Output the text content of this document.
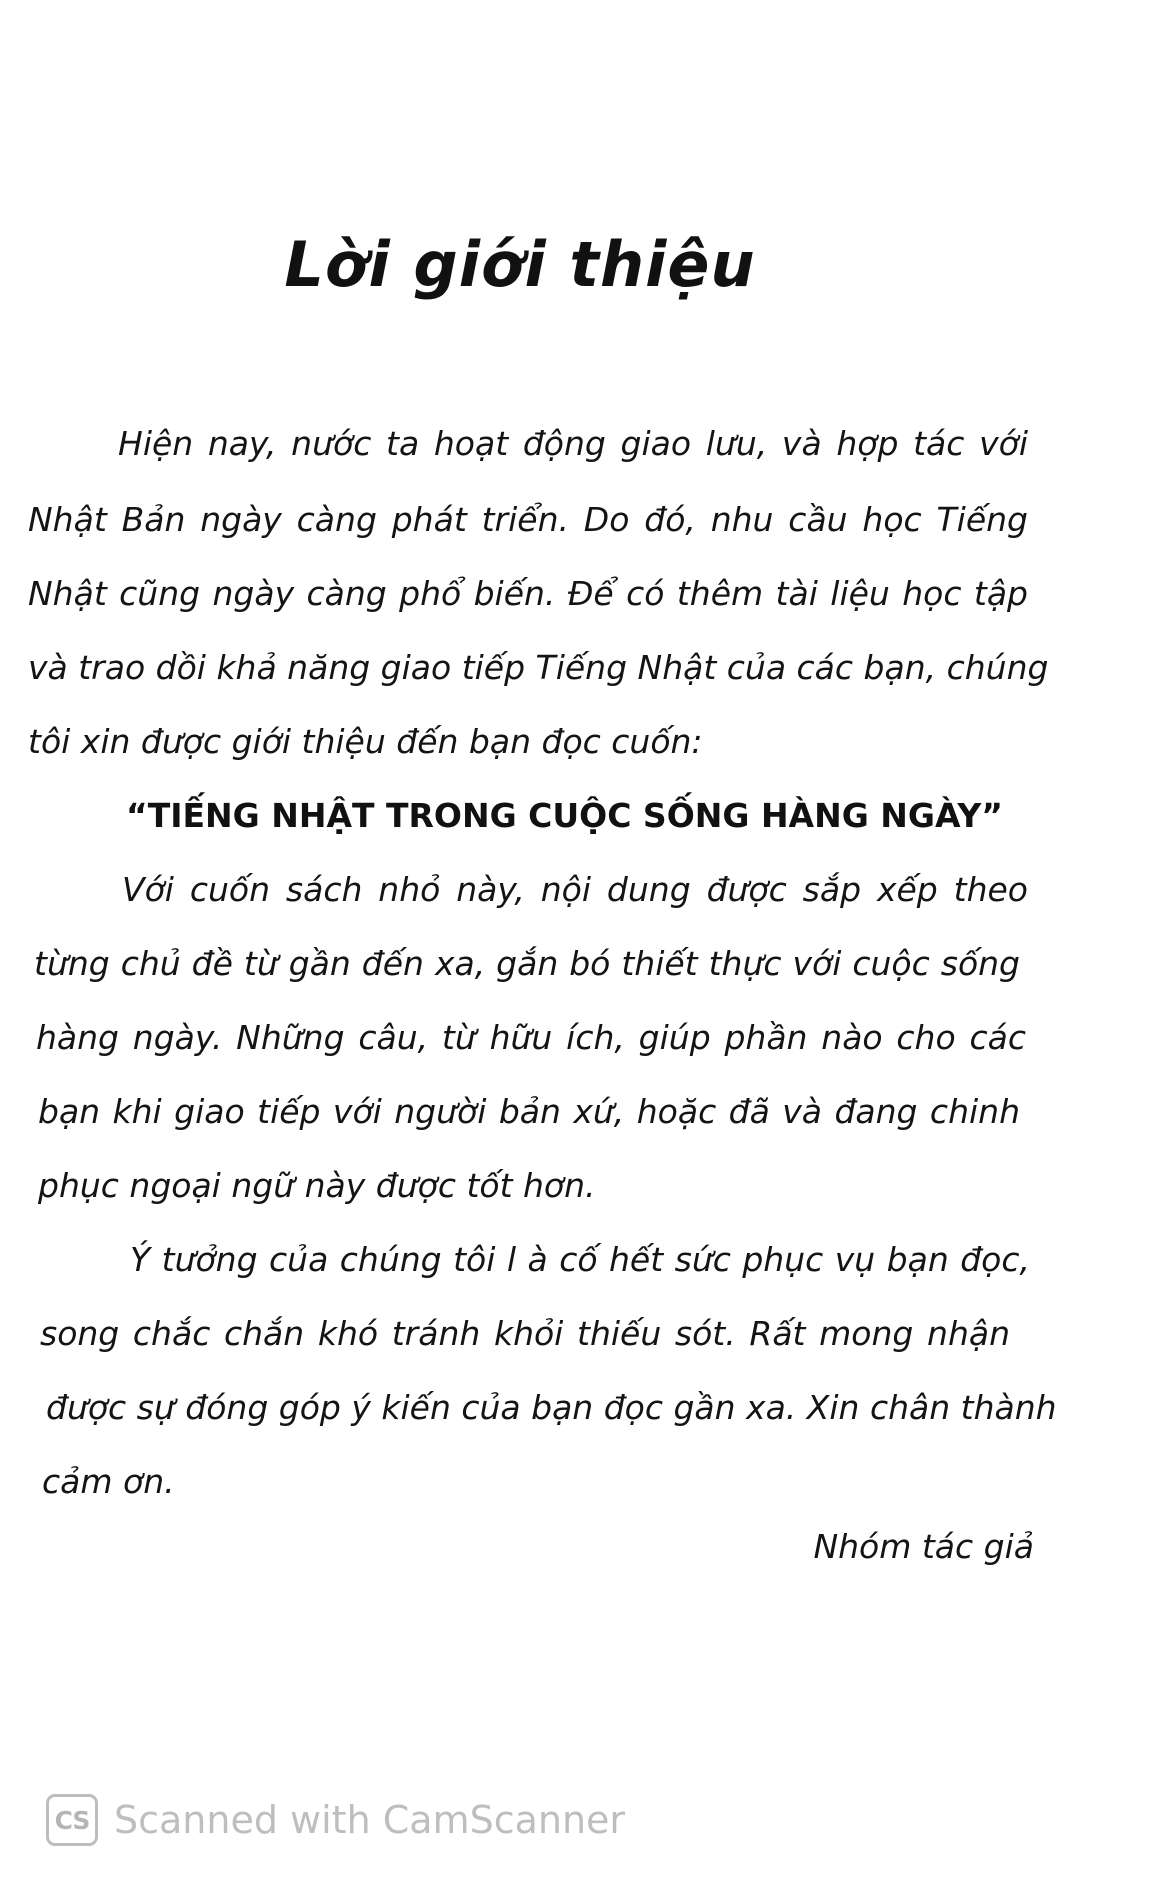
Lời giới thiệu
Hiện nay, nước ta hoạt động giao lưu, và hợp tác với
Nhật Bản ngày càng phát triển. Do đó, nhu cầu học Tiếng
Nhật cũng ngày càng phổ biến. Để có thêm tài liệu học tập
và trao dồi khả năng giao tiếp Tiếng Nhật của các bạn, chúng
tôi xin được giới thiệu đến bạn đọc cuốn:
“TIẾNG NHẬT TRONG CUỘC SỐNG HÀNG NGÀY”
Với cuốn sách nhỏ này, nội dung được sắp xếp theo
từng chủ đề từ gần đến xa, gắn bó thiết thực với cuộc sống
hàng ngày. Những câu, từ hữu ích, giúp phần nào cho các
bạn khi giao tiếp với người bản xứ, hoặc đã và đang chinh
phục ngoại ngữ này được tốt hơn.
Ý tưởng của chúng tôi l à cố hết sức phục vụ bạn đọc,
song chắc chắn khó tránh khỏi thiếu sót. Rất mong nhận
được sự đóng góp ý kiến của bạn đọc gần xa. Xin chân thành
cảm ơn.
Nhóm tác giả
CS Scanned with CamScanner
